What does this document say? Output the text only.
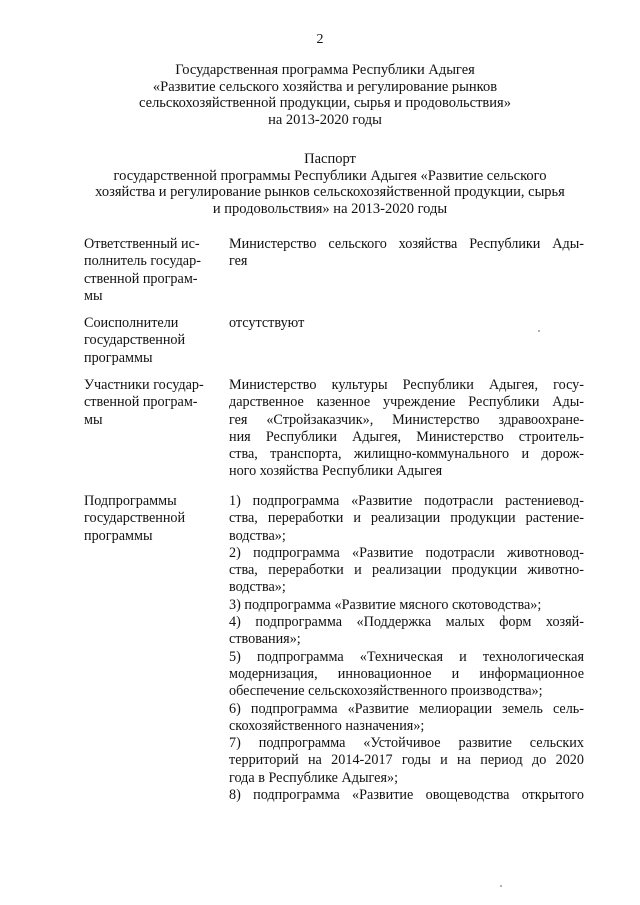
2
Государственная программа Республики Адыгея
«Развитие сельского хозяйства и регулирование рынков
сельскохозяйственной продукции, сырья и продовольствия»
на 2013-2020 годы
Паспорт
государственной программы Республики Адыгея «Развитие сельского
хозяйства и регулирование рынков сельскохозяйственной продукции, сырья
и продовольствия» на 2013-2020 годы
Ответственный ис-
полнитель государ-
ственной програм-
мы
Министерство сельского хозяйства Республики Ады-
гея
Соисполнители
государственной
программы
отсутствуют
Участники государ-
ственной програм-
мы
Министерство культуры Республики Адыгея, госу-
дарственное казенное учреждение Республики Ады-
гея «Стройзаказчик», Министерство здравоохране-
ния Республики Адыгея, Министерство строитель-
ства, транспорта, жилищно-коммунального и дорож-
ного хозяйства Республики Адыгея
Подпрограммы
государственной
программы
1) подпрограмма «Развитие подотрасли растениевод-
ства, переработки и реализации продукции растение-
водства»;
2) подпрограмма «Развитие подотрасли животновод-
ства, переработки и реализации продукции животно-
водства»;
3) подпрограмма «Развитие мясного скотоводства»;
4) подпрограмма «Поддержка малых форм хозяй-
ствования»;
5) подпрограмма «Техническая и технологическая
модернизация, инновационное и информационное
обеспечение сельскохозяйственного производства»;
6) подпрограмма «Развитие мелиорации земель сель-
скохозяйственного назначения»;
7) подпрограмма «Устойчивое развитие сельских
территорий на 2014-2017 годы и на период до 2020
года в Республике Адыгея»;
8) подпрограмма «Развитие овощеводства открытого
